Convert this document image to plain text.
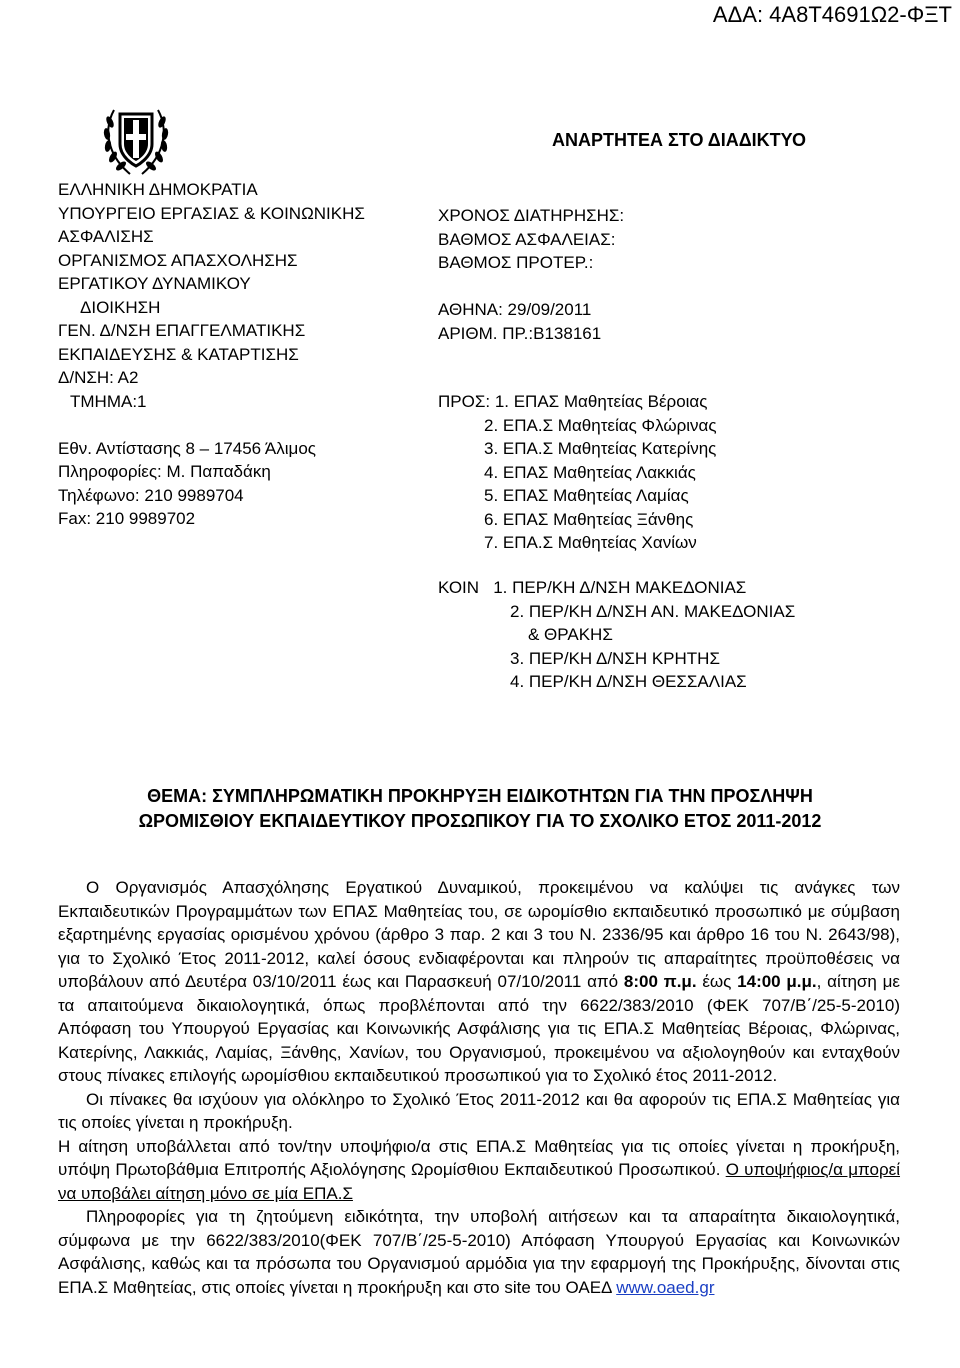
ΑΔΑ: 4Α8Τ4691Ω2-ΦΞΤ
ΑΝΑΡΤΗΤΕΑ ΣΤΟ ΔΙΑΔΙΚΤΥΟ
ΕΛΛΗΝΙΚΗ ΔΗΜΟΚΡΑΤΙΑ
ΥΠΟΥΡΓΕΙΟ ΕΡΓΑΣΙΑΣ & ΚΟΙΝΩΝΙΚΗΣ
ΑΣΦΑΛΙΣΗΣ
ΟΡΓΑΝΙΣΜΟΣ ΑΠΑΣΧΟΛΗΣΗΣ
ΕΡΓΑΤΙΚΟΥ ΔΥΝΑΜΙΚΟΥ
ΔΙΟΙΚΗΣΗ
ΓΕΝ. Δ/ΝΣΗ ΕΠΑΓΓΕΛΜΑΤΙΚΗΣ
ΕΚΠΑΙΔΕΥΣΗΣ & ΚΑΤΑΡΤΙΣΗΣ
Δ/ΝΣΗ: Α2
ΤΜΗΜΑ:1
Εθν. Αντίστασης 8 – 17456 Άλιμος
Πληροφορίες: Μ. Παπαδάκη
Τηλέφωνο: 210 9989704
Fax: 210 9989702
ΧΡΟΝΟΣ ΔΙΑΤΗΡΗΣΗΣ:
ΒΑΘΜΟΣ ΑΣΦΑΛΕΙΑΣ:
ΒΑΘΜΟΣ ΠΡΟΤΕΡ.:
ΑΘΗΝΑ: 29/09/2011
ΑΡΙΘΜ. ΠΡ.:Β138161
ΠΡΟΣ: 1. ΕΠΑΣ Μαθητείας Βέροιας
2. ΕΠΑ.Σ Μαθητείας Φλώρινας
3. ΕΠΑ.Σ Μαθητείας Κατερίνης
4. ΕΠΑΣ Μαθητείας Λακκιάς
5. ΕΠΑΣ Μαθητείας Λαμίας
6. ΕΠΑΣ Μαθητείας Ξάνθης
7. ΕΠΑ.Σ Μαθητείας Χανίων
ΚΟΙΝ 1. ΠΕΡ/ΚΗ Δ/ΝΣΗ ΜΑΚΕΔΟΝΙΑΣ
2. ΠΕΡ/ΚΗ Δ/ΝΣΗ ΑΝ. ΜΑΚΕΔΟΝΙΑΣ
& ΘΡΑΚΗΣ
3. ΠΕΡ/ΚΗ Δ/ΝΣΗ ΚΡΗΤΗΣ
4. ΠΕΡ/ΚΗ Δ/ΝΣΗ ΘΕΣΣΑΛΙΑΣ
ΘΕΜΑ: ΣΥΜΠΛΗΡΩΜΑΤΙΚΗ ΠΡΟΚΗΡΥΞΗ ΕΙΔΙΚΟΤΗΤΩΝ ΓΙΑ ΤΗΝ ΠΡΟΣΛΗΨΗ
ΩΡΟΜΙΣΘΙΟΥ ΕΚΠΑΙΔΕΥΤΙΚΟΥ ΠΡΟΣΩΠΙΚΟΥ ΓΙΑ ΤΟ ΣΧΟΛΙΚΟ ΕΤΟΣ 2011-2012

Ο Οργανισμός Απασχόλησης Εργατικού Δυναμικού, προκειμένου να καλύψει τις ανάγκες των Εκπαιδευτικών Προγραμμάτων των ΕΠΑΣ Μαθητείας του, σε ωρομίσθιο εκπαιδευτικό προσωπικό με σύμβαση εξαρτημένης εργασίας ορισμένου χρόνου (άρθρο 3 παρ. 2 και 3 του Ν. 2336/95 και άρθρο 16 του Ν. 2643/98), για το Σχολικό Έτος 2011-2012, καλεί όσους ενδιαφέρονται και πληρούν τις απαραίτητες προϋποθέσεις να υποβάλουν από Δευτέρα 03/10/2011 έως και Παρασκευή 07/10/2011 από 8:00 π.μ. έως 14:00 μ.μ., αίτηση με τα απαιτούμενα δικαιολογητικά, όπως προβλέπονται από την 6622/383/2010 (ΦΕΚ 707/Β΄/25-5-2010) Απόφαση του Υπουργού Εργασίας και Κοινωνικής Ασφάλισης για τις ΕΠΑ.Σ Μαθητείας Βέροιας, Φλώρινας, Κατερίνης, Λακκιάς, Λαμίας, Ξάνθης, Χανίων, του Οργανισμού, προκειμένου να αξιολογηθούν και ενταχθούν στους πίνακες επιλογής ωρομίσθιου εκπαιδευτικού προσωπικού για το Σχολικό έτος 2011-2012.

Οι πίνακες θα ισχύουν για ολόκληρο το Σχολικό Έτος 2011-2012 και θα αφορούν τις ΕΠΑ.Σ Μαθητείας για τις οποίες γίνεται η προκήρυξη.

Η αίτηση υποβάλλεται από τον/την υποψήφιο/α στις ΕΠΑ.Σ Μαθητείας για τις οποίες γίνεται η προκήρυξη, υπόψη Πρωτοβάθμια Επιτροπής Αξιολόγησης Ωρομίσθιου Εκπαιδευτικού Προσωπικού. Ο υποψήφιος/α μπορεί να υποβάλει αίτηση μόνο σε μία ΕΠΑ.Σ

Πληροφορίες για τη ζητούμενη ειδικότητα, την υποβολή αιτήσεων και τα απαραίτητα δικαιολογητικά, σύμφωνα με την 6622/383/2010(ΦΕΚ 707/Β΄/25-5-2010) Απόφαση Υπουργού Εργασίας και Κοινωνικών Ασφάλισης, καθώς και τα πρόσωπα του Οργανισμού αρμόδια για την εφαρμογή της Προκήρυξης, δίνονται στις ΕΠΑ.Σ Μαθητείας, στις οποίες γίνεται η προκήρυξη και στο site του ΟΑΕΔ www.oaed.gr
